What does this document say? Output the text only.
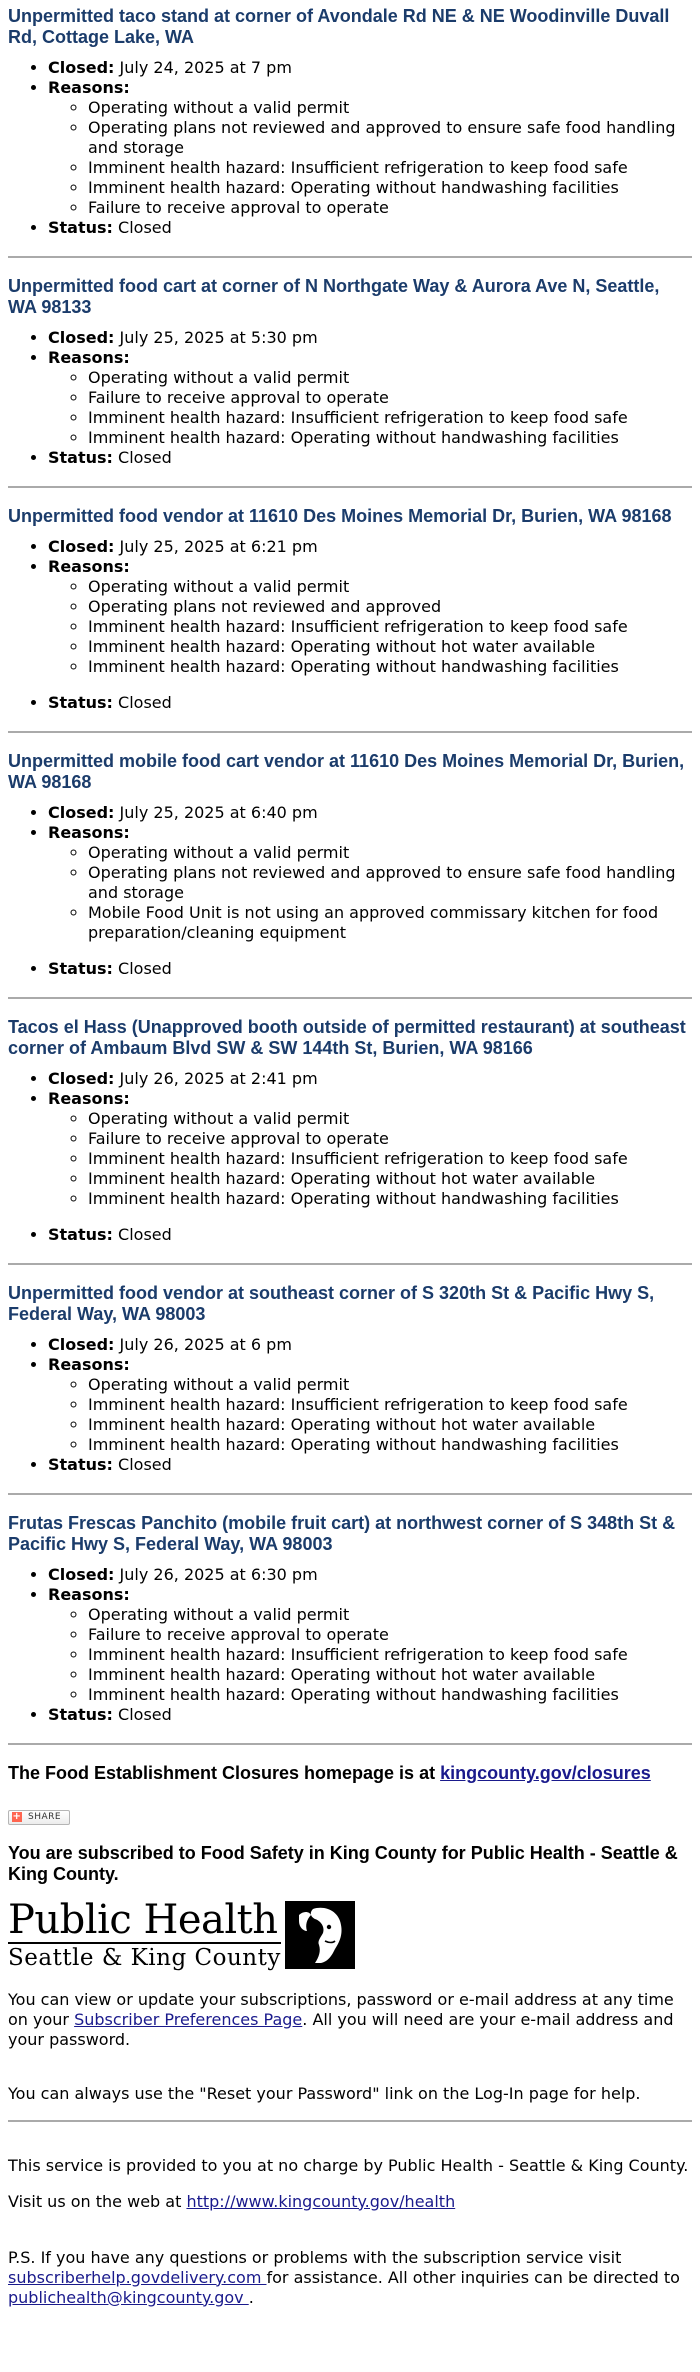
Unpermitted taco stand at corner of Avondale Rd NE & NE Woodinville Duvall Rd, Cottage Lake, WA
• Closed: July 24, 2025 at 7 pm
• Reasons:
◦ Operating without a valid permit
◦ Operating plans not reviewed and approved to ensure safe food handling and storage
◦ Imminent health hazard: Insufficient refrigeration to keep food safe
◦ Imminent health hazard: Operating without handwashing facilities
◦ Failure to receive approval to operate
• Status: Closed
Unpermitted food cart at corner of N Northgate Way & Aurora Ave N, Seattle, WA 98133
• Closed: July 25, 2025 at 5:30 pm
• Reasons:
◦ Operating without a valid permit
◦ Failure to receive approval to operate
◦ Imminent health hazard: Insufficient refrigeration to keep food safe
◦ Imminent health hazard: Operating without handwashing facilities
• Status: Closed
Unpermitted food vendor at 11610 Des Moines Memorial Dr, Burien, WA 98168
• Closed: July 25, 2025 at 6:21 pm
• Reasons:
◦ Operating without a valid permit
◦ Operating plans not reviewed and approved
◦ Imminent health hazard: Insufficient refrigeration to keep food safe
◦ Imminent health hazard: Operating without hot water available
◦ Imminent health hazard: Operating without handwashing facilities
• Status: Closed
Unpermitted mobile food cart vendor at 11610 Des Moines Memorial Dr, Burien, WA 98168
• Closed: July 25, 2025 at 6:40 pm
• Reasons:
◦ Operating without a valid permit
◦ Operating plans not reviewed and approved to ensure safe food handling and storage
◦ Mobile Food Unit is not using an approved commissary kitchen for food preparation/cleaning equipment
• Status: Closed
Tacos el Hass (Unapproved booth outside of permitted restaurant) at southeast corner of Ambaum Blvd SW & SW 144th St, Burien, WA 98166
• Closed: July 26, 2025 at 2:41 pm
• Reasons:
◦ Operating without a valid permit
◦ Failure to receive approval to operate
◦ Imminent health hazard: Insufficient refrigeration to keep food safe
◦ Imminent health hazard: Operating without hot water available
◦ Imminent health hazard: Operating without handwashing facilities
• Status: Closed
Unpermitted food vendor at southeast corner of S 320th St & Pacific Hwy S, Federal Way, WA 98003
• Closed: July 26, 2025 at 6 pm
• Reasons:
◦ Operating without a valid permit
◦ Imminent health hazard: Insufficient refrigeration to keep food safe
◦ Imminent health hazard: Operating without hot water available
◦ Imminent health hazard: Operating without handwashing facilities
• Status: Closed
Frutas Frescas Panchito (mobile fruit cart) at northwest corner of S 348th St & Pacific Hwy S, Federal Way, WA 98003
• Closed: July 26, 2025 at 6:30 pm
• Reasons:
◦ Operating without a valid permit
◦ Failure to receive approval to operate
◦ Imminent health hazard: Insufficient refrigeration to keep food safe
◦ Imminent health hazard: Operating without hot water available
◦ Imminent health hazard: Operating without handwashing facilities
• Status: Closed

The Food Establishment Closures homepage is at kingcounty.gov/closures

+ SHARE

You are subscribed to Food Safety in King County for Public Health - Seattle & King County.

Public Health
Seattle & King County

You can view or update your subscriptions, password or e-mail address at any time on your Subscriber Preferences Page. All you will need are your e-mail address and your password.

You can always use the "Reset your Password" link on the Log-In page for help.

This service is provided to you at no charge by Public Health - Seattle & King County.

Visit us on the web at http://www.kingcounty.gov/health

P.S. If you have any questions or problems with the subscription service visit subscriberhelp.govdelivery.com for assistance. All other inquiries can be directed to publichealth@kingcounty.gov .
